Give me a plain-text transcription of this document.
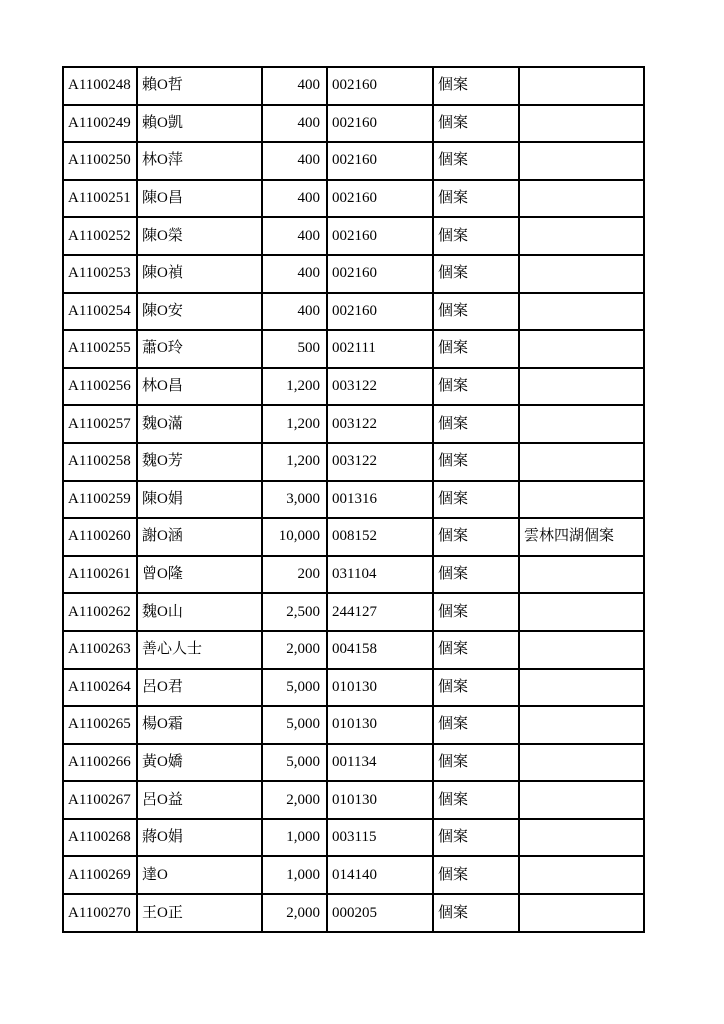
A1100248	賴O哲	400	002160	個案	
A1100249	賴O凱	400	002160	個案	
A1100250	林O萍	400	002160	個案	
A1100251	陳O昌	400	002160	個案	
A1100252	陳O榮	400	002160	個案	
A1100253	陳O禎	400	002160	個案	
A1100254	陳O安	400	002160	個案	
A1100255	蕭O玲	500	002111	個案	
A1100256	林O昌	1,200	003122	個案	
A1100257	魏O滿	1,200	003122	個案	
A1100258	魏O芳	1,200	003122	個案	
A1100259	陳O娟	3,000	001316	個案	
A1100260	謝O涵	10,000	008152	個案	雲林四湖個案
A1100261	曾O隆	200	031104	個案	
A1100262	魏O山	2,500	244127	個案	
A1100263	善心人士	2,000	004158	個案	
A1100264	呂O君	5,000	010130	個案	
A1100265	楊O霜	5,000	010130	個案	
A1100266	黃O嬌	5,000	001134	個案	
A1100267	呂O益	2,000	010130	個案	
A1100268	蔣O娟	1,000	003115	個案	
A1100269	達O	1,000	014140	個案	
A1100270	王O正	2,000	000205	個案	
